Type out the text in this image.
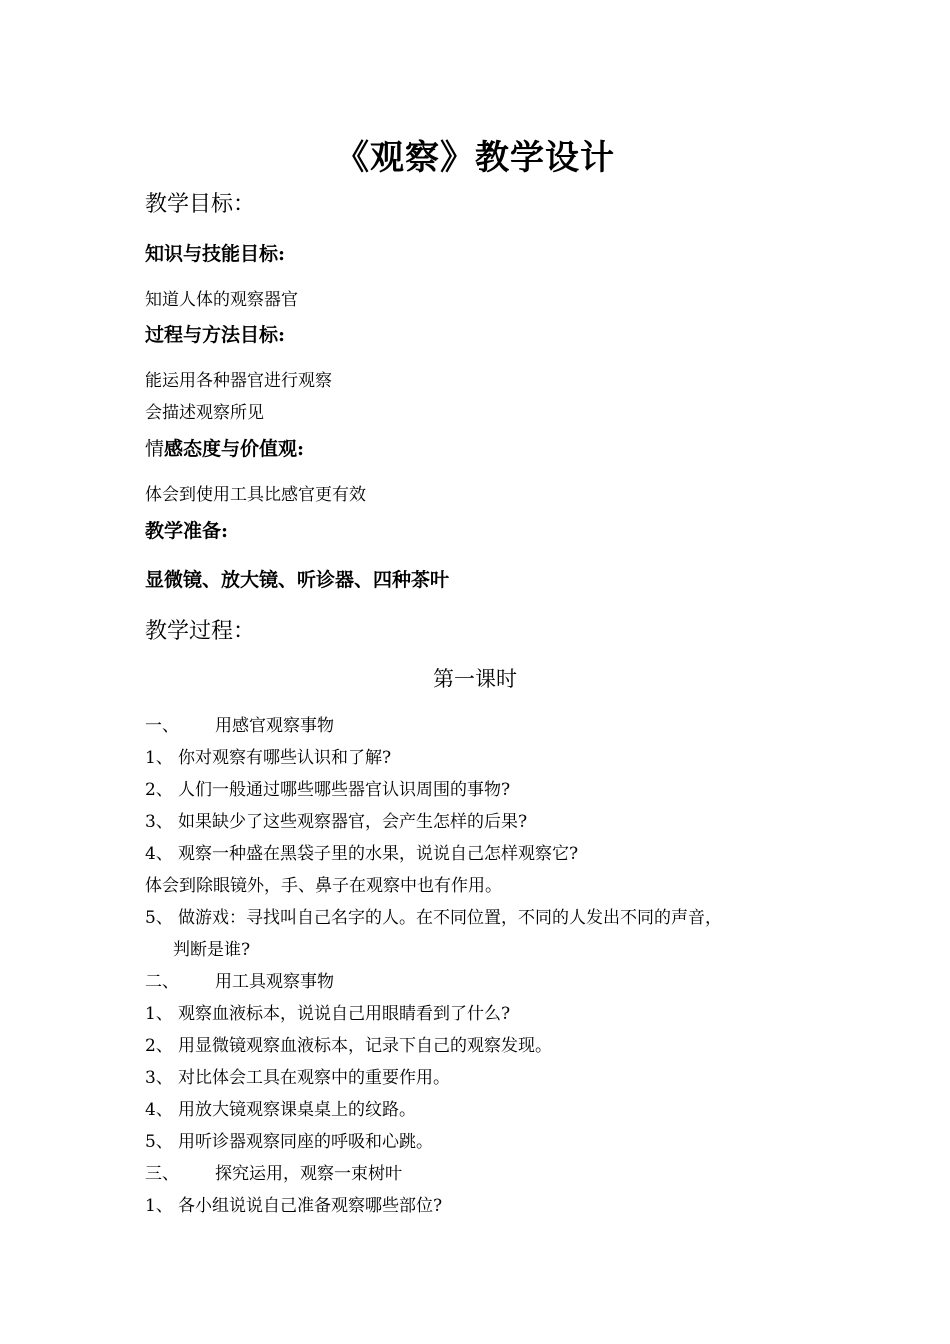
《观察》教学设计
教学目标：
知识与技能目标:
知道人体的观察器官
过程与方法目标:
能运用各种器官进行观察
会描述观察所见
情感态度与价值观:
体会到使用工具比感官更有效
教学准备:
显微镜、放大镜、听诊器、四种茶叶
教学过程：
第一课时
一、 用感官观察事物
1、 你对观察有哪些认识和了解?
2、 人们一般通过哪些哪些器官认识周围的事物?
3、 如果缺少了这些观察器官，会产生怎样的后果?
4、 观察一种盛在黑袋子里的水果，说说自己怎样观察它?
体会到除眼镜外，手、鼻子在观察中也有作用。
5、 做游戏：寻找叫自己名字的人。在不同位置，不同的人发出不同的声音，
判断是谁?
二、 用工具观察事物
1、 观察血液标本，说说自己用眼睛看到了什么?
2、 用显微镜观察血液标本，记录下自己的观察发现。
3、 对比体会工具在观察中的重要作用。
4、 用放大镜观察课桌桌上的纹路。
5、 用听诊器观察同座的呼吸和心跳。
三、 探究运用，观察一束树叶
1、 各小组说说自己准备观察哪些部位?
